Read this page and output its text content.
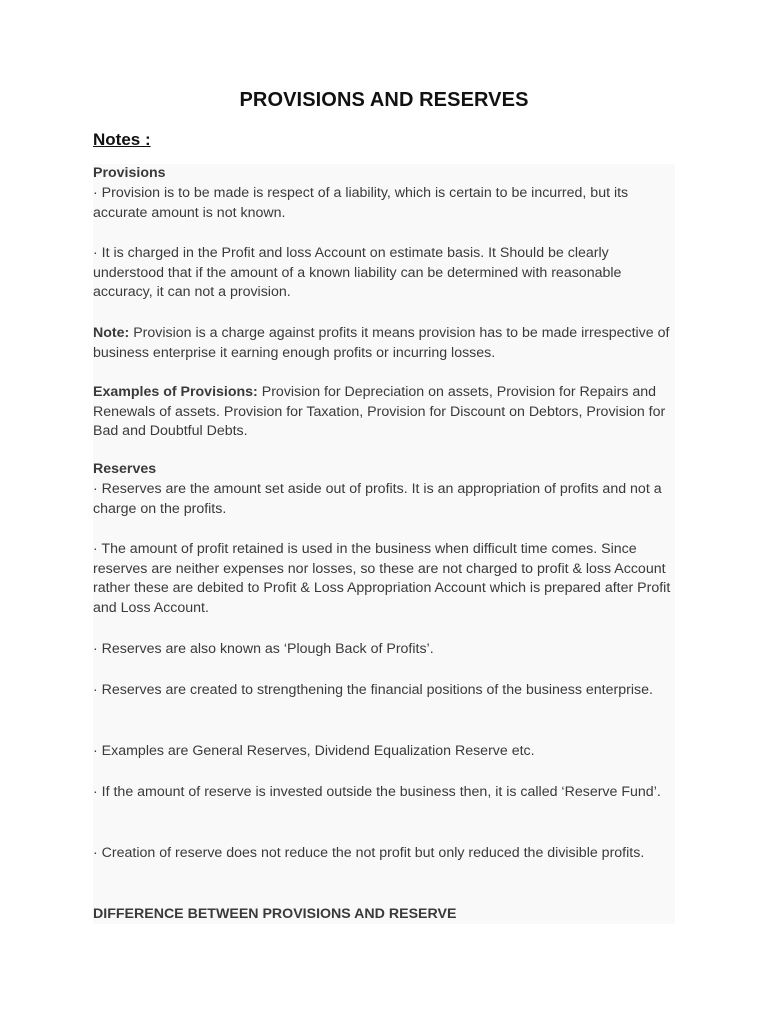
PROVISIONS AND RESERVES
Notes :

Provisions

· Provision is to be made is respect of a liability, which is certain to be incurred, but its accurate amount is not known.

· It is charged in the Profit and loss Account on estimate basis. It Should be clearly understood that if the amount of a known liability can be determined with reasonable accuracy, it can not a provision.

Note: Provision is a charge against profits it means provision has to be made irrespective of business enterprise it earning enough profits or incurring losses.

Examples of Provisions: Provision for Depreciation on assets, Provision for Repairs and Renewals of assets. Provision for Taxation, Provision for Discount on Debtors, Provision for Bad and Doubtful Debts.

Reserves

· Reserves are the amount set aside out of profits. It is an appropriation of profits and not a charge on the profits.

· The amount of profit retained is used in the business when difficult time comes. Since reserves are neither expenses nor losses, so these are not charged to profit & loss Account rather these are debited to Profit & Loss Appropriation Account which is prepared after Profit and Loss Account.

· Reserves are also known as ‘Plough Back of Profits’.

· Reserves are created to strengthening the financial positions of the business enterprise.

· Examples are General Reserves, Dividend Equalization Reserve etc.

· If the amount of reserve is invested outside the business then, it is called ‘Reserve Fund’.

· Creation of reserve does not reduce the not profit but only reduced the divisible profits.

DIFFERENCE BETWEEN PROVISIONS AND RESERVE
